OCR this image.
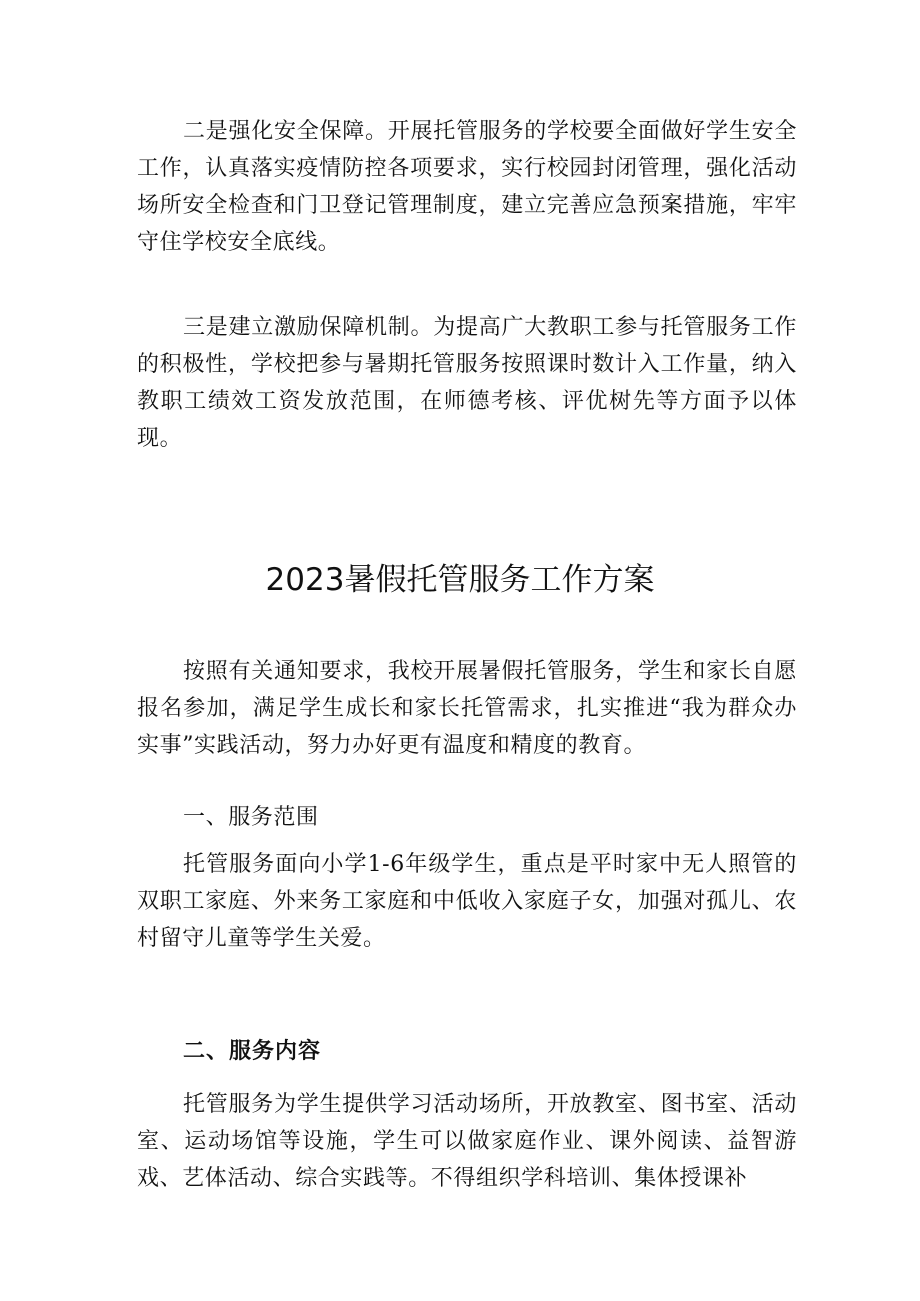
二是强化安全保障。开展托管服务的学校要全面做好学生安全工作，认真落实疫情防控各项要求，实行校园封闭管理，强化活动场所安全检查和门卫登记管理制度，建立完善应急预案措施，牢牢守住学校安全底线。

三是建立激励保障机制。为提高广大教职工参与托管服务工作的积极性，学校把参与暑期托管服务按照课时数计入工作量，纳入教职工绩效工资发放范围，在师德考核、评优树先等方面予以体现。

2023暑假托管服务工作方案

按照有关通知要求，我校开展暑假托管服务，学生和家长自愿报名参加，满足学生成长和家长托管需求，扎实推进“我为群众办实事”实践活动，努力办好更有温度和精度的教育。

一、服务范围

托管服务面向小学1-6年级学生，重点是平时家中无人照管的双职工家庭、外来务工家庭和中低收入家庭子女，加强对孤儿、农村留守儿童等学生关爱。

二、服务内容

托管服务为学生提供学习活动场所，开放教室、图书室、活动室、运动场馆等设施，学生可以做家庭作业、课外阅读、益智游戏、艺体活动、综合实践等。不得组织学科培训、集体授课补
